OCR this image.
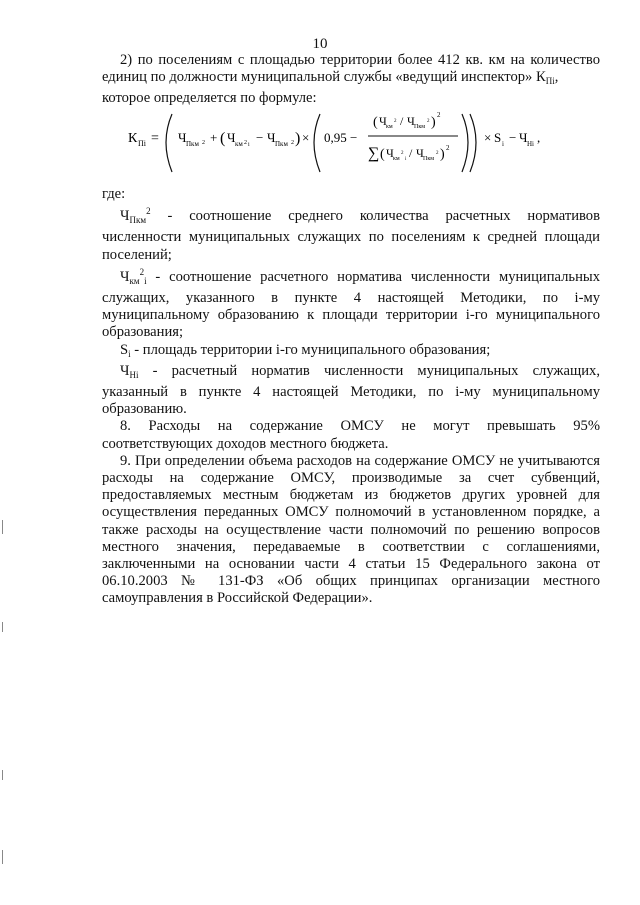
10

2) по поселениям с площадью территории более 412 кв. км на количество единиц по должности муниципальной службы «ведущий инспектор» $К_{Пi}$,

которое определяется по формуле:

К Пi = Ч Пкм 2 + ( Ч км 2 i − Ч Пкм 2 ) × 0,95 −
( Ч км
2 / Ч Пкм
2 ) 2
∑ ( Ч км
2
i / Ч Пкм
2 ) 2
× S i − Ч Нi ,

где:

$Ч_{Пкм}^2$ - соотношение среднего количества расчетных нормативов численности муниципальных служащих по поселениям к средней площади поселений;

$Ч_{км}^2_i$ - соотношение расчетного норматива численности муниципальных служащих, указанного в пункте 4 настоящей Методики, по i-му муниципальному образованию к площади территории i-го муниципального образования;

$S_i$ - площадь территории i-го муниципального образования;

$Ч_{Нi}$ - расчетный норматив численности муниципальных служащих, указанный в пункте 4 настоящей Методики, по i-му муниципальному образованию.

8. Расходы на содержание ОМСУ не могут превышать 95% соответствующих доходов местного бюджета.

9. При определении объема расходов на содержание ОМСУ не учитываются расходы на содержание ОМСУ, производимые за счет субвенций, предоставляемых местным бюджетам из бюджетов других уровней для осуществления переданных ОМСУ полномочий в установленном порядке, а также расходы на осуществление части полномочий по решению вопросов местного значения, передаваемые в соответствии с соглашениями, заключенными на основании части 4 статьи 15 Федерального закона от 06.10.2003 № 131-ФЗ «Об общих принципах организации местного самоуправления в Российской Федерации».
